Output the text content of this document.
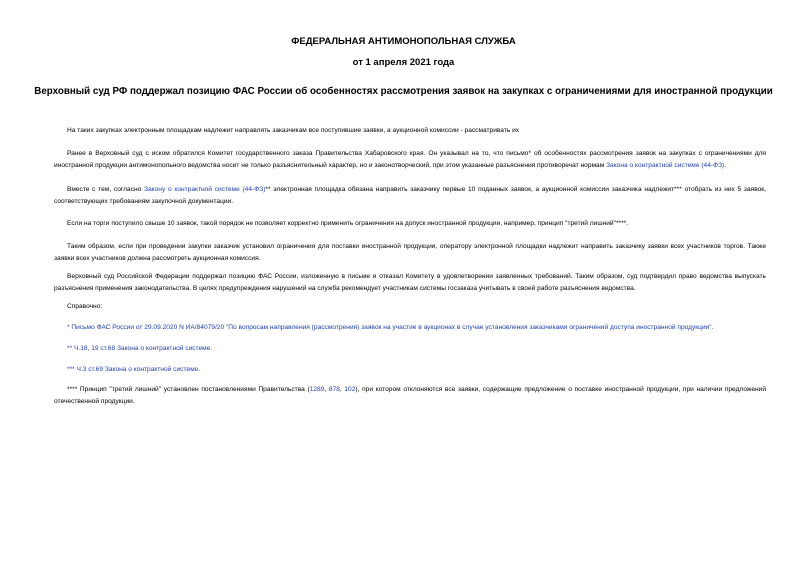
ФЕДЕРАЛЬНАЯ АНТИМОНОПОЛЬНАЯ СЛУЖБА
от 1 апреля 2021 года
Верховный суд РФ поддержал позицию ФАС России об особенностях рассмотрения заявок на закупках с ограничениями для иностранной продукции

На таких закупках электронным площадкам надлежит направлять заказчикам все поступившие заявки, а аукционной комиссии - рассматривать их

Ранее в Верховный суд с иском обратился Комитет государственного заказа Правительства Хабаровского края. Он указывал на то, что письмо* об особенностях рассмотрения заявок на закупках с ограничениями для иностранной продукции антимонопольного ведомства носит не только разъяснительный характер, но и законотворческий, при этом указанные разъяснения противоречат нормам Закона о контрактной системе (44-ФЗ).

Вместе с тем, согласно Закону о контрактной системе (44-ФЗ)** электронная площадка обязана направить заказчику первые 10 поданных заявок, а аукционной комиссии заказчика надлежит*** отобрать из них 5 заявок, соответствующих требованиям закупочной документации.

Если на торги поступило свыше 10 заявок, такой порядок не позволяет корректно применить ограничения на допуск иностранной продукции, например, принцип "третий лишний"****.

Таким образом, если при проведении закупки заказчик установил ограничения для поставки иностранной продукции, оператору электронной площадки надлежит направить заказчику заявки всех участников торгов. Также заявки всех участников должна рассмотреть аукционная комиссия.

Верховный суд Российской Федерации поддержал позицию ФАС России, изложенную в письме и отказал Комитету в удовлетворении заявленных требований. Таким образом, суд подтвердил право ведомства выпускать разъяснения применения законодательства. В целях предупреждения нарушений на служба рекомендует участникам системы госзаказа учитывать в своей работе разъяснения ведомства.

Справочно:

* Письмо ФАС России от 29.09.2020 N ИА/84079/20 "По вопросам направления (рассмотрения) заявок на участие в аукционах в случае установления заказчиками ограничений доступа иностранной продукции".

** Ч.18, 19 ст.68 Закона о контрактной системе.

*** Ч.3 ст.69 Закона о контрактной системе.

**** Принцип "третий лишний" установлен постановлениями Правительства (1289, 878, 102), при котором отклоняются все заявки, содержащие предложение о поставке иностранной продукции, при наличии предложений отечественной продукции.
